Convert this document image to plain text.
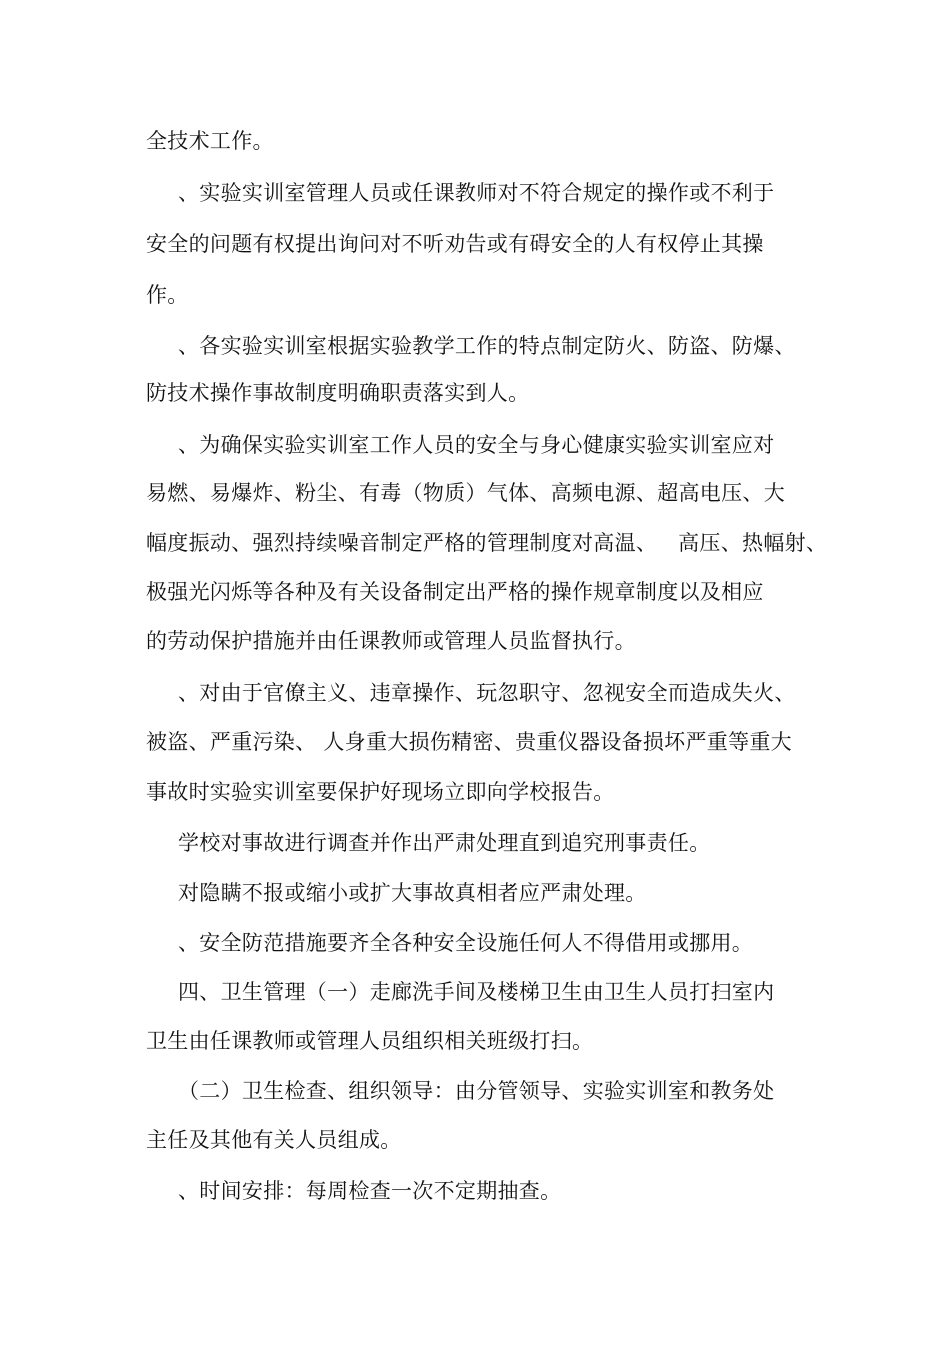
全技术工作。
、实验实训室管理人员或任课教师对不符合规定的操作或不利于
安全的问题有权提出询问对不听劝告或有碍安全的人有权停止其操
作。
、各实验实训室根据实验教学工作的特点制定防火、防盗、防爆、
防技术操作事故制度明确职责落实到人。
、为确保实验实训室工作人员的安全与身心健康实验实训室应对
易燃、易爆炸、粉尘、有毒（物质）气体、高频电源、超高电压、大
幅度振动、强烈持续噪音制定严格的管理制度对高温、   高压、热幅射、
极强光闪烁等各种及有关设备制定出严格的操作规章制度以及相应
的劳动保护措施并由任课教师或管理人员监督执行。
、对由于官僚主义、违章操作、玩忽职守、忽视安全而造成失火、
被盗、严重污染、 人身重大损伤精密、贵重仪器设备损坏严重等重大
事故时实验实训室要保护好现场立即向学校报告。
学校对事故进行调查并作出严肃处理直到追究刑事责任。
对隐瞒不报或缩小或扩大事故真相者应严肃处理。
、安全防范措施要齐全各种安全设施任何人不得借用或挪用。
四、卫生管理（一）走廊洗手间及楼梯卫生由卫生人员打扫室内
卫生由任课教师或管理人员组织相关班级打扫。
（二）卫生检查、组织领导：由分管领导、实验实训室和教务处
主任及其他有关人员组成。
、时间安排：每周检查一次不定期抽查。
